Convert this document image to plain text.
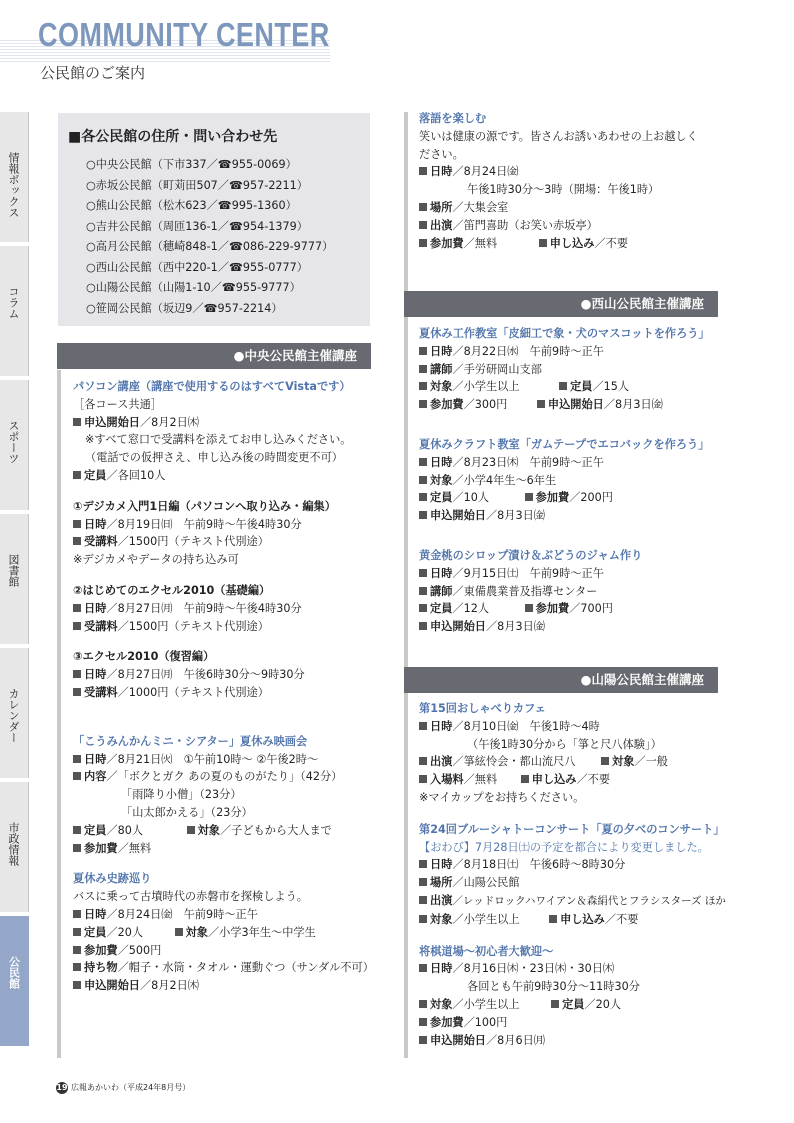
COMMUNITY CENTER
公民館のご案内
情報ボックス
コラム
スポーツ
図書館
カレンダー
市政情報
公民館
■各公民館の住所・問い合わせ先
○中央公民館（下市337／☎955-0069）
○赤坂公民館（町苅田507／☎957-2211）
○熊山公民館（松木623／☎995-1360）
○吉井公民館（周匝136-1／☎954-1379）
○高月公民館（穂崎848-1／☎086-229-9777）
○西山公民館（西中220-1／☎955-0777）
○山陽公民館（山陽1-10／☎955-9777）
○笹岡公民館（坂辺9／☎957-2214）
●中央公民館主催講座
パソコン講座（講座で使用するのはすべてVistaです）
［各コース共通］
申込開始日／8月2日㈭
※すべて窓口で受講料を添えてお申し込みください。
（電話での仮押さえ、申し込み後の時間変更不可）
定員／各回10人
①デジカメ入門1日編（パソコンへ取り込み・編集）
日時／8月19日㈰　午前9時～午後4時30分
受講料／1500円（テキスト代別途）
※デジカメやデータの持ち込み可
②はじめてのエクセル2010（基礎編）
日時／8月27日㈪　午前9時～午後4時30分
受講料／1500円（テキスト代別途）
③エクセル2010（復習編）
日時／8月27日㈪　午後6時30分～9時30分
受講料／1000円（テキスト代別途）
「こうみんかんミニ・シアター」夏休み映画会
日時／8月21日㈫　①午前10時～ ②午後2時～
内容／「ボクとガク あの夏のものがたり」（42分）
「雨降り小僧」（23分）
「山太郎かえる」（23分）
定員／80人	対象／子どもから大人まで
参加費／無料
夏休み史跡巡り
バスに乗って古墳時代の赤磐市を探検しよう。
日時／8月24日㈮　午前9時～正午
定員／20人	対象／小学3年生～中学生
参加費／500円
持ち物／帽子・水筒・タオル・運動ぐつ（サンダル不可）
申込開始日／8月2日㈭
落語を楽しむ
笑いは健康の源です。皆さんお誘いあわせの上お越しく
ださい。
日時／8月24日㈮
午後1時30分～3時（開場：午後1時）
場所／大集会室
出演／笛門喜助（お笑い赤坂亭）
参加費／無料	申し込み／不要
●西山公民館主催講座
夏休み工作教室「皮細工で象・犬のマスコットを作ろう」
日時／8月22日㈬　午前9時～正午
講師／手労研岡山支部
対象／小学生以上	定員／15人
参加費／300円	申込開始日／8月3日㈮
夏休みクラフト教室「ガムテープでエコバックを作ろう」
日時／8月23日㈭　午前9時～正午
対象／小学4年生～6年生
定員／10人	参加費／200円
申込開始日／8月3日㈮
黄金桃のシロップ漬け＆ぶどうのジャム作り
日時／9月15日㈯　午前9時～正午
講師／東備農業普及指導センター
定員／12人	参加費／700円
申込開始日／8月3日㈮
●山陽公民館主催講座
第15回おしゃべりカフェ
日時／8月10日㈮　午後1時～4時
（午後1時30分から「箏と尺八体験」）
出演／箏絃怜会・都山流尺八	対象／一般
入場料／無料	申し込み／不要
※マイカップをお持ちください。
第24回ブルーシャトーコンサート「夏の夕べのコンサート」
【おわび】7月28日㈯の予定を都合により変更しました。
日時／8月18日㈯　午後6時～8時30分
場所／山陽公民館
出演／レッドロックハワイアン＆森絹代とフラシスターズ ほか
対象／小学生以上	申し込み／不要
将棋道場～初心者大歓迎～
日時／8月16日㈭・23日㈭・30日㈭
各回とも午前9時30分～11時30分
対象／小学生以上	定員／20人
参加費／100円
申込開始日／8月6日㈪
19 広報あかいわ（平成24年8月号）
